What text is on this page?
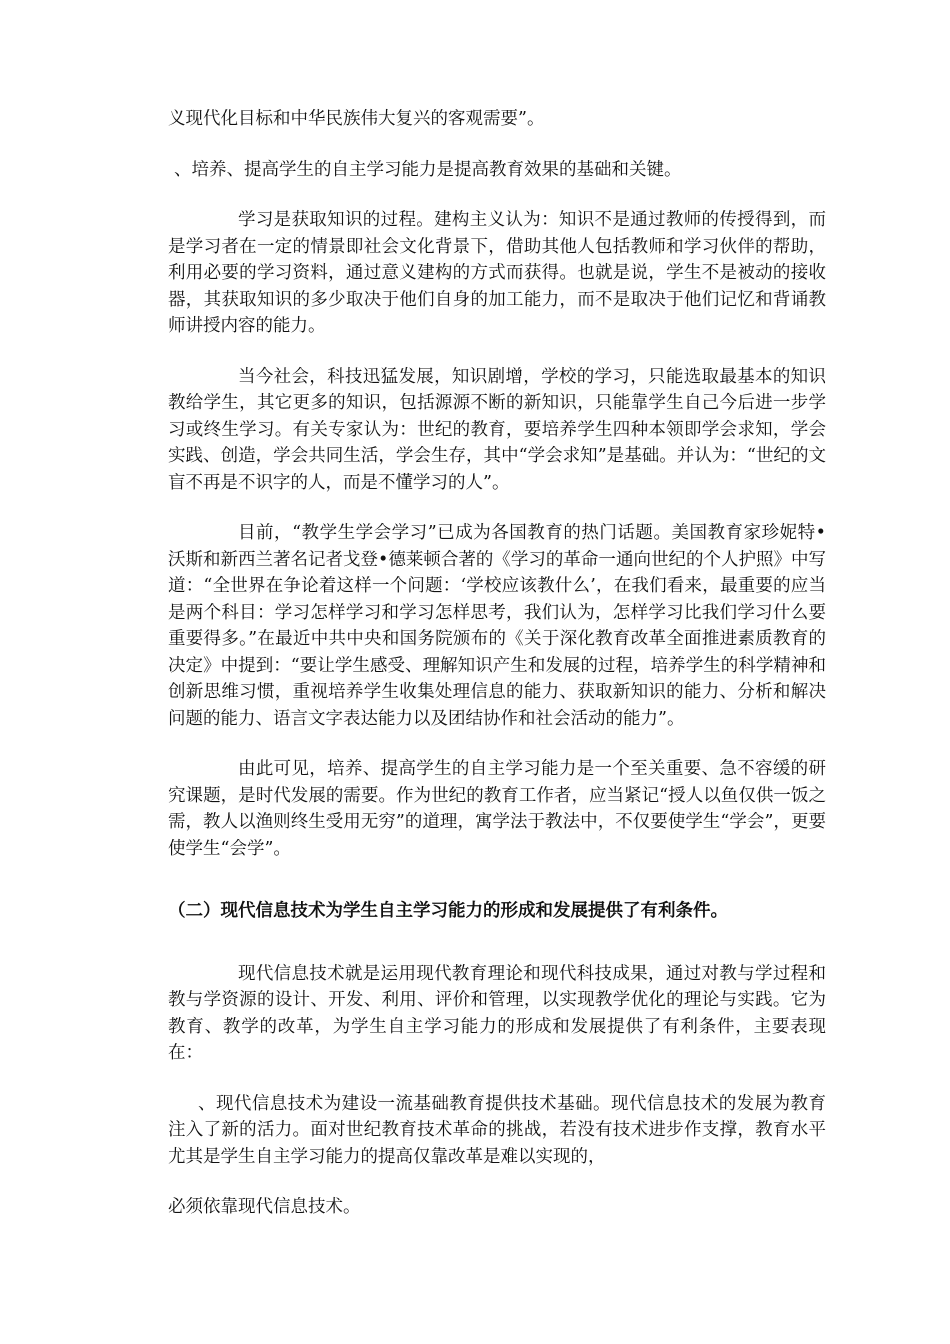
义现代化目标和中华民族伟大复兴的客观需要”。

、培养、提高学生的自主学习能力是提高教育效果的基础和关键。

学习是获取知识的过程。建构主义认为：知识不是通过教师的传授得到，而是学习者在一定的情景即社会文化背景下，借助其他人包括教师和学习伙伴的帮助，利用必要的学习资料，通过意义建构的方式而获得。也就是说，学生不是被动的接收器，其获取知识的多少取决于他们自身的加工能力，而不是取决于他们记忆和背诵教师讲授内容的能力。

当今社会，科技迅猛发展，知识剧增，学校的学习，只能选取最基本的知识教给学生，其它更多的知识，包括源源不断的新知识，只能靠学生自己今后进一步学习或终生学习。有关专家认为：世纪的教育，要培养学生四种本领即学会求知，学会实践、创造，学会共同生活，学会生存，其中“学会求知”是基础。并认为：“世纪的文盲不再是不识字的人，而是不懂学习的人”。

目前，“教学生学会学习”已成为各国教育的热门话题。美国教育家珍妮特•沃斯和新西兰著名记者戈登•德莱顿合著的《学习的革命一通向世纪的个人护照》中写道：“全世界在争论着这样一个问题：‘学校应该教什么’，在我们看来，最重要的应当是两个科目：学习怎样学习和学习怎样思考，我们认为，怎样学习比我们学习什么要重要得多。”在最近中共中央和国务院颁布的《关于深化教育改革全面推进素质教育的决定》中提到：“要让学生感受、理解知识产生和发展的过程，培养学生的科学精神和创新思维习惯，重视培养学生收集处理信息的能力、获取新知识的能力、分析和解决问题的能力、语言文字表达能力以及团结协作和社会活动的能力”。

由此可见，培养、提高学生的自主学习能力是一个至关重要、急不容缓的研究课题，是时代发展的需要。作为世纪的教育工作者，应当紧记“授人以鱼仅供一饭之需，教人以渔则终生受用无穷”的道理，寓学法于教法中，不仅要使学生“学会”，更要使学生“会学”。

（二）现代信息技术为学生自主学习能力的形成和发展提供了有利条件。

现代信息技术就是运用现代教育理论和现代科技成果，通过对教与学过程和教与学资源的设计、开发、利用、评价和管理，以实现教学优化的理论与实践。它为教育、教学的改革，为学生自主学习能力的形成和发展提供了有利条件，主要表现在：

、现代信息技术为建设一流基础教育提供技术基础。现代信息技术的发展为教育注入了新的活力。面对世纪教育技术革命的挑战，若没有技术进步作支撑，教育水平尤其是学生自主学习能力的提高仅靠改革是难以实现的，

必须依靠现代信息技术。
